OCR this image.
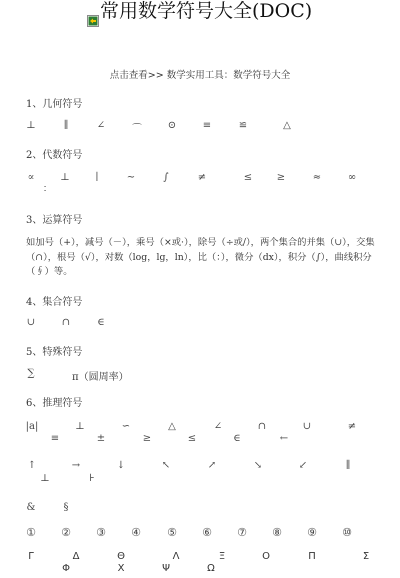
常用数学符号大全(DOC)
点击查看>> 数学实用工具：数学符号大全
1、几何符号
⊥	∥	∠	⌒	⊙	≡	≌	△
2、代数符号
∝	⊥	∣	∼	∫	≠	≤	≥	≈	∞
∶
3、运算符号
如加号（+），减号（－），乘号（×或·），除号（÷或/），两个集合的并集（∪），交集（∩），根号（√），对数（log，lg，ln），比（：），微分（dx），积分（∫），曲线积分（∮）等。
4、集合符号
∪	∩	∈
5、特殊符号
∑	π（圆周率）
6、推理符号
|a|	⊥	∽	△	∠	∩	∪	≠
≡	±	≥	≤	∈	←
↑	→	↓	↖	↗	↘	↙	∥
⊥	⊦
&	§
①	②	③	④	⑤	⑥	⑦	⑧	⑨	⑩
Γ	Δ	Θ	Λ	Ξ	Ο	Π	Σ
Φ	Χ	Ψ	Ω
